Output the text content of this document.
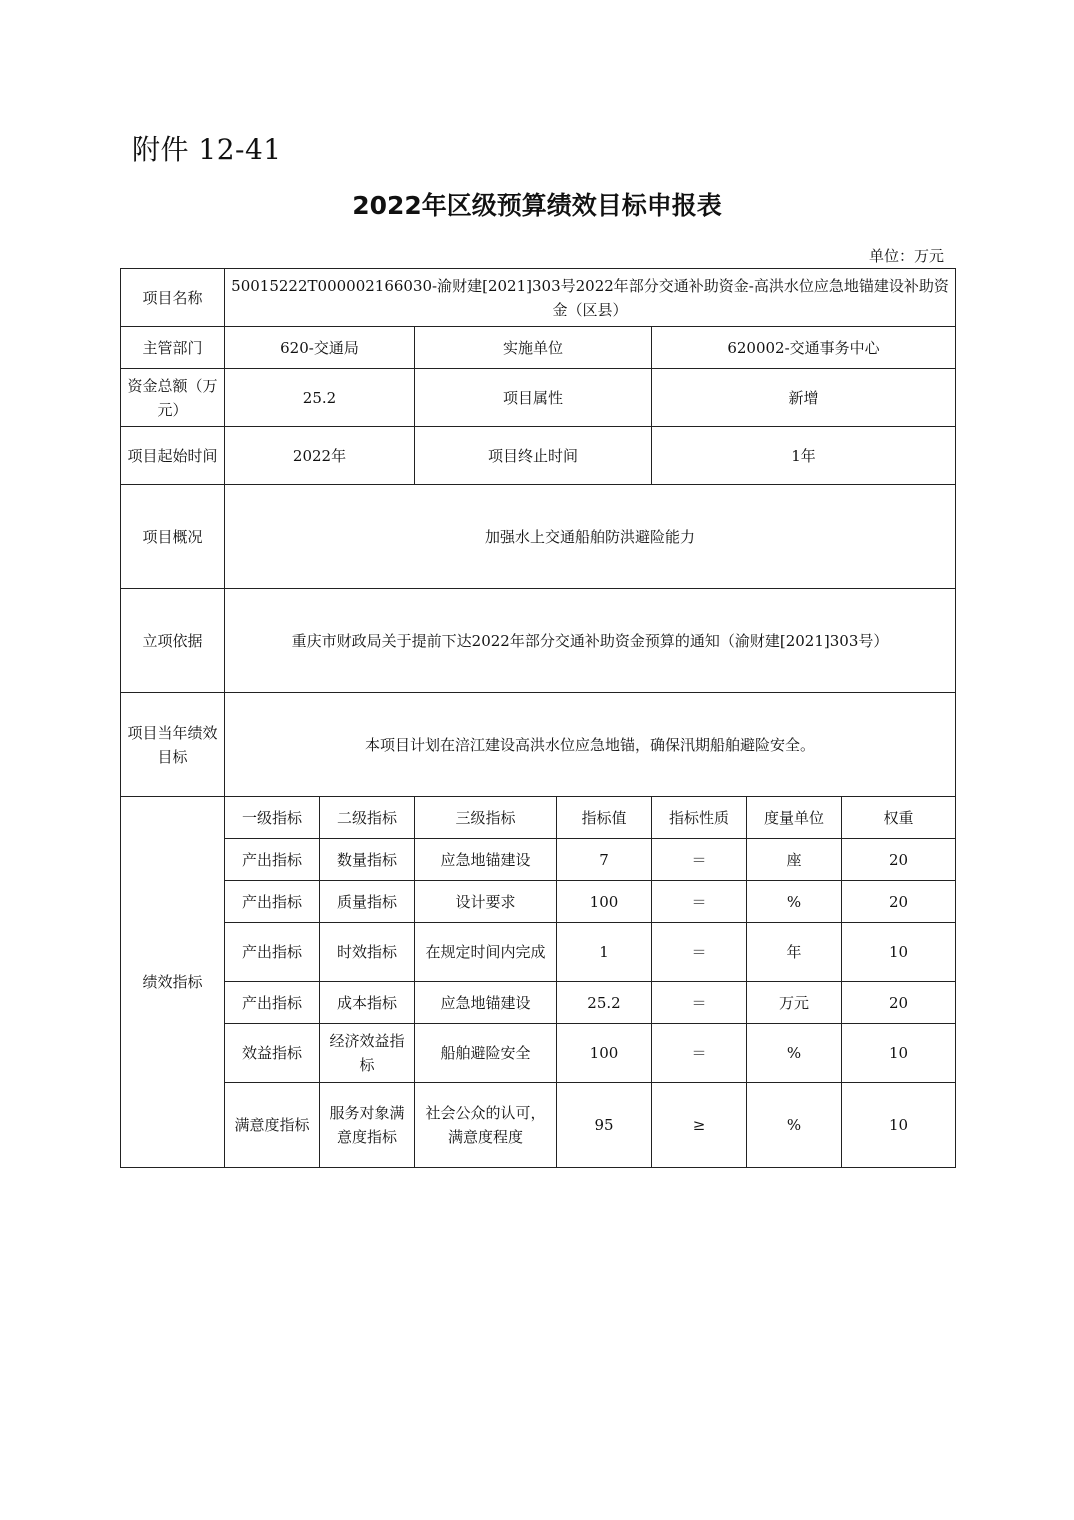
附件 12-41
2022年区级预算绩效目标申报表
单位：万元
项目名称	50015222T000002166030-渝财建[2021]303号2022年部分交通补助资金-高洪水位应急地锚建设补助资金（区县）						
主管部门	620-交通局		实施单位		620002-交通事务中心		
资金总额（万元）	25.2		项目属性		新增		
项目起始时间	2022年		项目终止时间		1年		
项目概况	加强水上交通船舶防洪避险能力						
立项依据	重庆市财政局关于提前下达2022年部分交通补助资金预算的通知（渝财建[2021]303号）						
项目当年绩效目标	本项目计划在涪江建设高洪水位应急地锚，确保汛期船舶避险安全。						
绩效指标	一级指标	二级指标	三级指标	指标值	指标性质	度量单位	权重
	产出指标	数量指标	应急地锚建设	7	＝	座	20
	产出指标	质量指标	设计要求	100	＝	%	20
	产出指标	时效指标	在规定时间内完成	1	＝	年	10
	产出指标	成本指标	应急地锚建设	25.2	＝	万元	20
	效益指标	经济效益指标	船舶避险安全	100	＝	%	10
	满意度指标	服务对象满意度指标	社会公众的认可，满意度程度	95	≥	%	10
